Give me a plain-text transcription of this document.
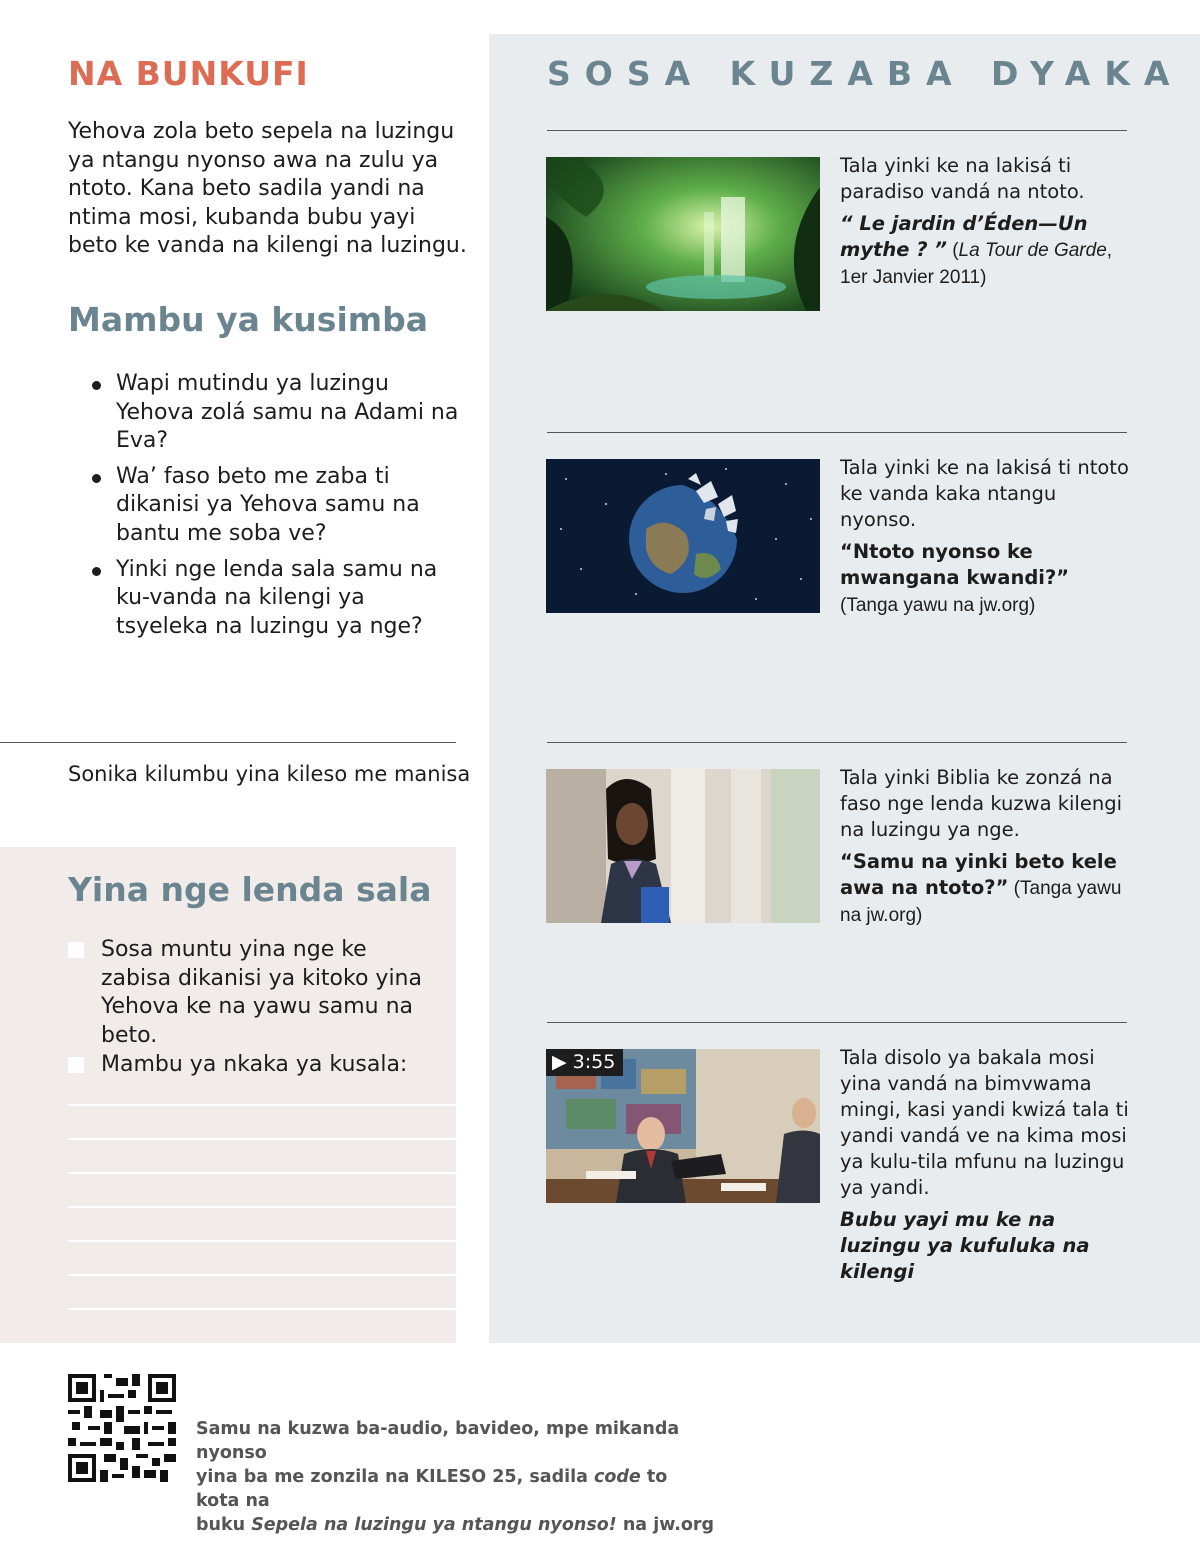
NA BUNKUFI

Yehova zola beto sepela na luzingu ya ntangu nyonso awa na zulu ya ntoto. Kana beto sadila yandi na ntima mosi, kubanda bubu yayi beto ke vanda na kilengi na luzingu.

Mambu ya kusimba
Wapi mutindu ya luzingu Yehova zolá samu na Adami na Eva?
Wa’ faso beto me zaba ti dikanisi ya Yehova samu na bantu me soba ve?
Yinki nge lenda sala samu na ku-vanda na kilengi ya tsyeleka na luzingu ya nge?

Sonika kilumbu yina kileso me manisa

Yina nge lenda sala
Sosa muntu yina nge ke zabisa dikanisi ya kitoko yina Yehova ke na yawu samu na beto.
Mambu ya nkaka ya kusala:
SOSA KUZABA DYAKA

Tala yinki ke na lakisá ti paradiso vandá na ntoto.

“ Le jardin d’Éden—Un mythe ? ” (La Tour de Garde, 1er Janvier 2011)

Tala yinki ke na lakisá ti ntoto ke vanda kaka ntangu nyonso.

“Ntoto nyonso ke mwangana kwandi?” (Tanga yawu na jw.org)

Tala yinki Biblia ke zonzá na faso nge lenda kuzwa kilengi na luzingu ya nge.

“Samu na yinki beto kele awa na ntoto?” (Tanga yawu na jw.org)

▶ 3:55	Tala disolo ya bakala mosi yina vandá na bimvwama mingi, kasi yandi kwizá tala ti yandi vandá ve na kima mosi ya kulu-tila mfunu na luzingu ya yandi.

Bubu yayi mu ke na luzingu ya kufuluka na kilengi

Samu na kuzwa ba-audio, bavideo, mpe mikanda nyonso
yina ba me zonzila na KILESO 25, sadila code to kota na
buku Sepela na luzingu ya ntangu nyonso! na jw.org
